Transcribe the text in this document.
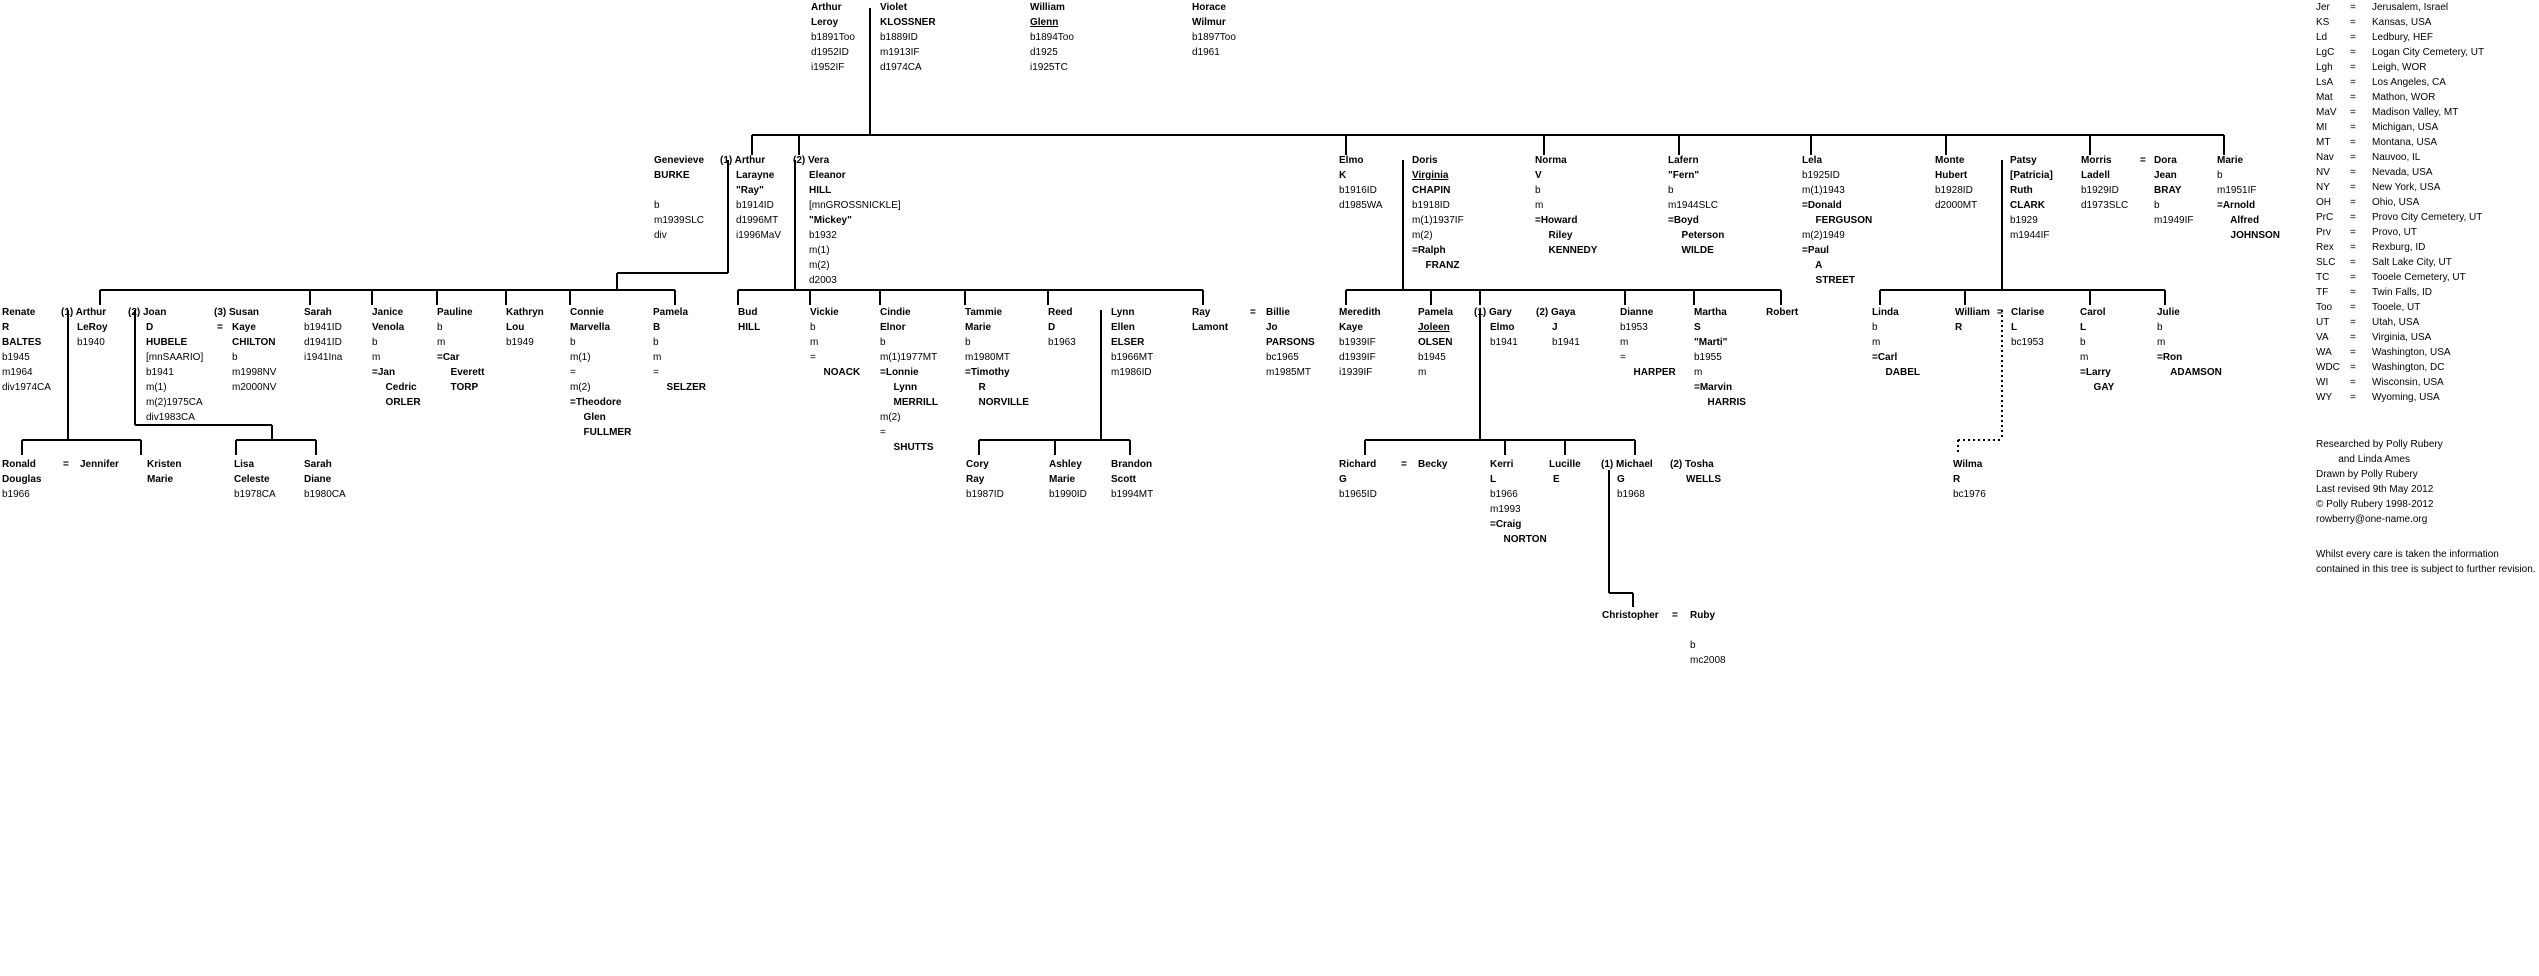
Arthur
Leroy
b1891Too
d1952ID
i1952IF
Violet
KLOSSNER
b1889ID
m1913IF
d1974CA
William
Glenn
b1894Too
d1925
i1925TC
Horace
Wilmur
b1897Too
d1961
Genevieve
BURKE
b
m1939SLC
div
(1) Arthur
Larayne
"Ray"
b1914ID
d1996MT
i1996MaV
(2) Vera
Eleanor
HILL
[mnGROSSNICKLE]
"Mickey"
b1932
m(1)
m(2)
d2003
Elmo
K
b1916ID
d1985WA
Doris
Virginia
CHAPIN
b1918ID
m(1)1937IF
m(2)
=Ralph
FRANZ
Norma
V
b
m
=Howard
Riley
KENNEDY
Lafern
"Fern"
b
m1944SLC
=Boyd
Peterson
WILDE
Lela
b1925ID
m(1)1943
=Donald
FERGUSON
m(2)1949
=Paul
A
STREET
Monte
Hubert
b1928ID
d2000MT
Patsy
[Patricia]
Ruth
CLARK
b1929
m1944IF
Morris
Ladell
b1929ID
d1973SLC
= Dora
Jean
BRAY
b
m1949IF
Marie
b
m1951IF
=Arnold
Alfred
JOHNSON
Renate
R
BALTES
b1945
m1964
div1974CA
(1) Arthur
LeRoy
b1940
(2) Joan
D
HUBELE
[mnSAARIO]
b1941
m(1)
m(2)1975CA
div1983CA
=
(3) Susan
Kaye
CHILTON
b
m1998NV
m2000NV
Sarah
b1941ID
d1941ID
i1941Ina
Janice
Venola
b
m
=Jan
Cedric
ORLER
Pauline
b
m
=Car
Everett
TORP
Kathryn
Lou
b1949
Connie
Marvella
b
m(1)
=
m(2)
=Theodore
Glen
FULLMER
Pamela
B
b
m
=
SELZER
Bud
HILL
Vickie
b
m
=
NOACK
Cindie
Elnor
b
m(1)1977MT
=Lonnie
Lynn
MERRILL
m(2)
=
SHUTTS
Tammie
Marie
b
m1980MT
=Timothy
R
NORVILLE
Reed
D
b1963
Lynn
Ellen
ELSER
b1966MT
m1986ID
Ray
Lamont
= Billie
Jo
PARSONS
bc1965
m1985MT
Meredith
Kaye
b1939IF
d1939IF
i1939IF
Pamela
Joleen
OLSEN
b1945
m
(1) Gary
Elmo
b1941
(2) Gaya
J
b1941
Dianne
b1953
m
=
HARPER
Martha
S
"Marti"
b1955
m
=Marvin
HARRIS
Robert	Linda
b
m
=Carl
DABEL
William
R
= Clarise
L
bc1953
Carol
L
b
m
=Larry
GAY
Julie
b
m
=Ron
ADAMSON
Ronald
Douglas
b1966
= Jennifer	Kristen
Marie
Lisa
Celeste
b1978CA
Sarah
Diane
b1980CA
Cory
Ray
b1987ID
Ashley
Marie
b1990ID
Brandon
Scott
b1994MT
Richard
G
b1965ID
= Becky	Kerri
L
b1966
m1993
=Craig
NORTON
Lucille
E
(1) Michael
G
b1968
(2) Tosha
WELLS
Christopher = Ruby
b
mc2008
Wilma
R
bc1976
Jer	=	Jerusalem, Israel
KS	=	Kansas, USA
Ld	=	Ledbury, HEF
LgC	=	Logan City Cemetery, UT
Lgh	=	Leigh, WOR
LsA	=	Los Angeles, CA
Mat	=	Mathon, WOR
MaV	=	Madison Valley, MT
MI	=	Michigan, USA
MT	=	Montana, USA
Nav	=	Nauvoo, IL
NV	=	Nevada, USA
NY	=	New York, USA
OH	=	Ohio, USA
PrC	=	Provo City Cemetery, UT
Prv	=	Provo, UT
Rex	=	Rexburg, ID
SLC	=	Salt Lake City, UT
TC	=	Tooele Cemetery, UT
TF	=	Twin Falls, ID
Too	=	Tooele, UT
UT	=	Utah, USA
VA	=	Virginia, USA
WA	=	Washington, USA
WDC	=	Washington, DC
WI	=	Wisconsin, USA
WY	=	Wyoming, USA
Researched by Polly Rubery
and Linda Ames
Drawn by Polly Rubery
Last revised 9th May 2012
© Polly Rubery 1998-2012
rowberry@one-name.org
Whilst every care is taken the information contained in this tree is subject to further revision.
